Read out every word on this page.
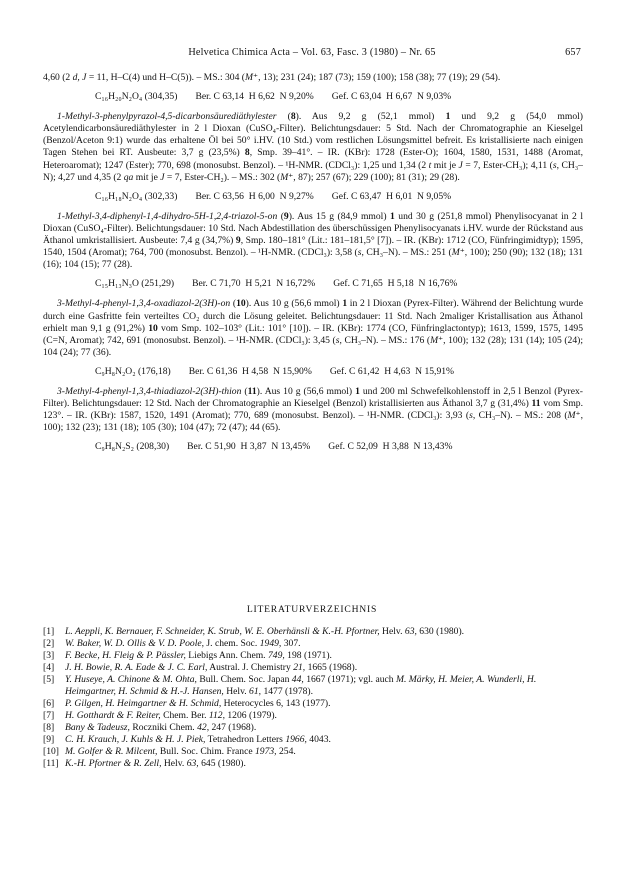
Helvetica Chimica Acta – Vol. 63, Fasc. 3 (1980) – Nr. 65	657

4,60 (2 d, J = 11, H–C(4) und H–C(5)). – MS.: 304 (M⁺, 13); 231 (24); 187 (73); 159 (100); 158 (38); 77 (19); 29 (54).

C₁₆H₂₀N₂O₄ (304,35) Ber. C 63,14  H 6,62  N 9,20% Gef. C 63,04  H 6,67  N 9,03%

1-Methyl-3-phenylpyrazol-4,5-dicarbonsäurediäthylester (8). Aus 9,2 g (52,1 mmol) 1 und 9,2 g (54,0 mmol) Acetylendicarbonsäurediäthylester in 2 l Dioxan (CuSO₄-Filter). Belichtungsdauer: 5 Std. Nach der Chromatographie an Kieselgel (Benzol/Aceton 9:1) wurde das erhaltene Öl bei 50° i.HV. (10 Std.) vom restlichen Lösungsmittel befreit. Es kristallisierte nach einigen Tagen Stehen bei RT. Ausbeute: 3,7 g (23,5%) 8, Smp. 39–41°. – IR. (KBr): 1728 (Ester-O); 1604, 1580, 1531, 1488 (Aromat, Heteroaromat); 1247 (Ester); 770, 698 (monosubst. Benzol). – ¹H-NMR. (CDCl₃): 1,25 und 1,34 (2 t mit je J = 7, Ester-CH₃); 4,11 (s, CH₃–N); 4,27 und 4,35 (2 qa mit je J = 7, Ester-CH₂). – MS.: 302 (M⁺, 87); 257 (67); 229 (100); 81 (31); 29 (28).

C₁₆H₁₈N₂O₄ (302,33) Ber. C 63,56  H 6,00  N 9,27% Gef. C 63,47  H 6,01  N 9,05%

1-Methyl-3,4-diphenyl-1,4-dihydro-5H-1,2,4-triazol-5-on (9). Aus 15 g (84,9 mmol) 1 und 30 g (251,8 mmol) Phenylisocyanat in 2 l Dioxan (CuSO₄-Filter). Belichtungsdauer: 10 Std. Nach Abdestillation des überschüssigen Phenylisocyanats i.HV. wurde der Rückstand aus Äthanol umkristallisiert. Ausbeute: 7,4 g (34,7%) 9, Smp. 180–181° (Lit.: 181–181,5° [7]). – IR. (KBr): 1712 (CO, Fünfringimidtyp); 1595, 1540, 1504 (Aromat); 764, 700 (monosubst. Benzol). – ¹H-NMR. (CDCl₃): 3,58 (s, CH₃–N). – MS.: 251 (M⁺, 100); 250 (90); 132 (18); 131 (16); 104 (15); 77 (28).

C₁₅H₁₃N₃O (251,29) Ber. C 71,70  H 5,21  N 16,72% Gef. C 71,65  H 5,18  N 16,76%

3-Methyl-4-phenyl-1,3,4-oxadiazol-2(3H)-on (10). Aus 10 g (56,6 mmol) 1 in 2 l Dioxan (Pyrex-Filter). Während der Belichtung wurde durch eine Gasfritte fein verteiltes CO₂ durch die Lösung geleitet. Belichtungsdauer: 11 Std. Nach 2maliger Kristallisation aus Äthanol erhielt man 9,1 g (91,2%) 10 vom Smp. 102–103° (Lit.: 101° [10]). – IR. (KBr): 1774 (CO, Fünfringlactontyp); 1613, 1599, 1575, 1495 (C=N, Aromat); 742, 691 (monosubst. Benzol). – ¹H-NMR. (CDCl₃): 3,45 (s, CH₃–N). – MS.: 176 (M⁺, 100); 132 (28); 131 (14); 105 (24); 104 (24); 77 (36).

C₉H₈N₂O₂ (176,18) Ber. C 61,36  H 4,58  N 15,90% Gef. C 61,42  H 4,63  N 15,91%

3-Methyl-4-phenyl-1,3,4-thiadiazol-2(3H)-thion (11). Aus 10 g (56,6 mmol) 1 und 200 ml Schwefelkohlenstoff in 2,5 l Benzol (Pyrex-Filter). Belichtungsdauer: 12 Std. Nach der Chromatographie an Kieselgel (Benzol) kristallisierten aus Äthanol 3,7 g (31,4%) 11 vom Smp. 123°. – IR. (KBr): 1587, 1520, 1491 (Aromat); 770, 689 (monosubst. Benzol). – ¹H-NMR. (CDCl₃): 3,93 (s, CH₃–N). – MS.: 208 (M⁺, 100); 132 (23); 131 (18); 105 (30); 104 (47); 72 (47); 44 (65).

C₉H₈N₂S₂ (208,30) Ber. C 51,90  H 3,87  N 13,45% Gef. C 52,09  H 3,88  N 13,43%
LITERATURVERZEICHNIS
[1]	L. Aeppli, K. Bernauer, F. Schneider, K. Strub, W. E. Oberhänsli & K.-H. Pfortner, Helv. 63, 630 (1980).
[2]	W. Baker, W. D. Ollis & V. D. Poole, J. chem. Soc. 1949, 307.
[3]	F. Becke, H. Fleig & P. Pässler, Liebigs Ann. Chem. 749, 198 (1971).
[4]	J. H. Bowie, R. A. Eade & J. C. Earl, Austral. J. Chemistry 21, 1665 (1968).
[5]	Y. Huseye, A. Chinone & M. Ohta, Bull. Chem. Soc. Japan 44, 1667 (1971); vgl. auch M. Märky, H. Meier, A. Wunderli, H. Heimgartner, H. Schmid & H.-J. Hansen, Helv. 61, 1477 (1978).
[6]	P. Gilgen, H. Heimgartner & H. Schmid, Heterocycles 6, 143 (1977).
[7]	H. Gotthardt & F. Reiter, Chem. Ber. 112, 1206 (1979).
[8]	Bany & Tadeusz, Roczniki Chem. 42, 247 (1968).
[9]	C. H. Krauch, J. Kuhls & H. J. Piek, Tetrahedron Letters 1966, 4043.
[10] M. Golfer & R. Milcent, Bull. Soc. Chim. France 1973, 254.
[11] K.-H. Pfortner & R. Zell, Helv. 63, 645 (1980).
